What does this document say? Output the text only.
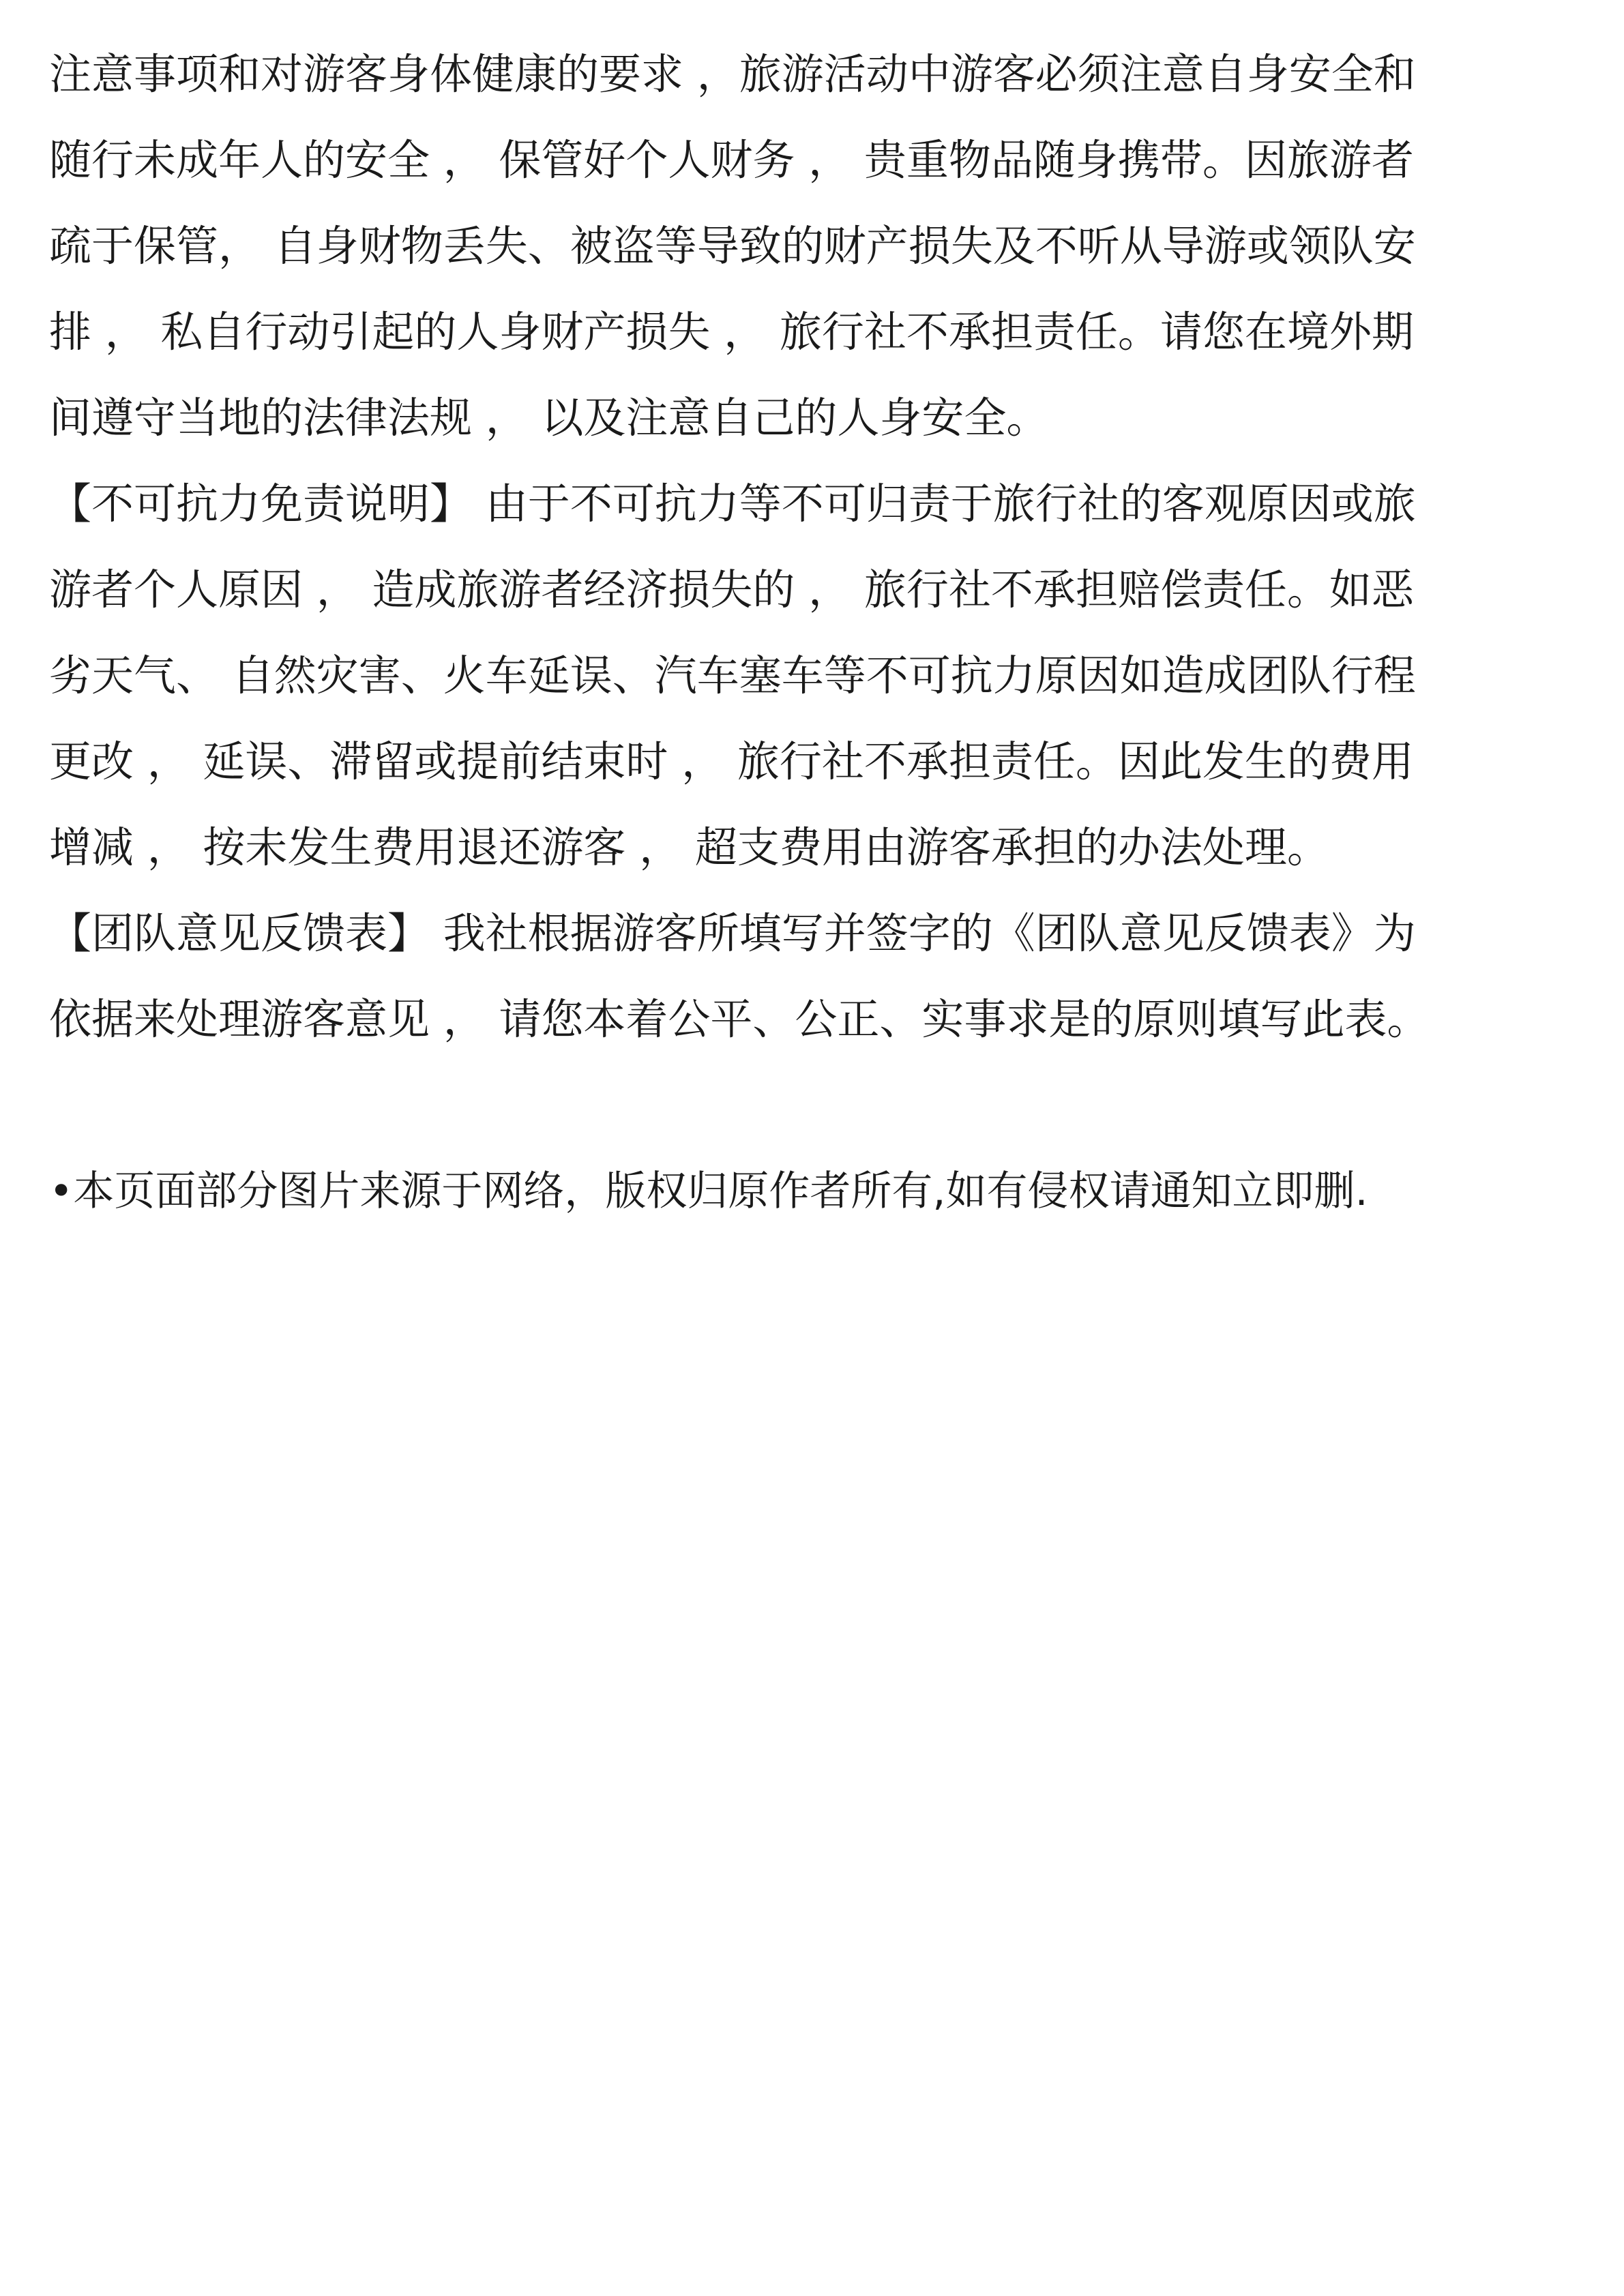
注意事项和对游客身体健康的要求 ，旅游活动中游客必须注意自身安全和
随行未成年人的安全 ， 保管好个人财务 ， 贵重物品随身携带。因旅游者
疏于保管， 自身财物丢失、被盗等导致的财产损失及不听从导游或领队安
排 ， 私自行动引起的人身财产损失 ， 旅行社不承担责任。请您在境外期
间遵守当地的法律法规 ， 以及注意自己的人身安全。

【不可抗力免责说明】 由于不可抗力等不可归责于旅行社的客观原因或旅
游者个人原因 ， 造成旅游者经济损失的 ， 旅行社不承担赔偿责任。如恶
劣天气、 自然灾害、火车延误、汽车塞车等不可抗力原因如造成团队行程
更改 ， 延误、滞留或提前结束时 ， 旅行社不承担责任。因此发生的费用
增减 ， 按未发生费用退还游客 ， 超支费用由游客承担的办法处理。

【团队意见反馈表】 我社根据游客所填写并签字的《团队意见反馈表》为
依据来处理游客意见 ， 请您本着公平、公正、实事求是的原则填写此表。

•本页面部分图片来源于网络，版权归原作者所有,如有侵权请通知立即删.
